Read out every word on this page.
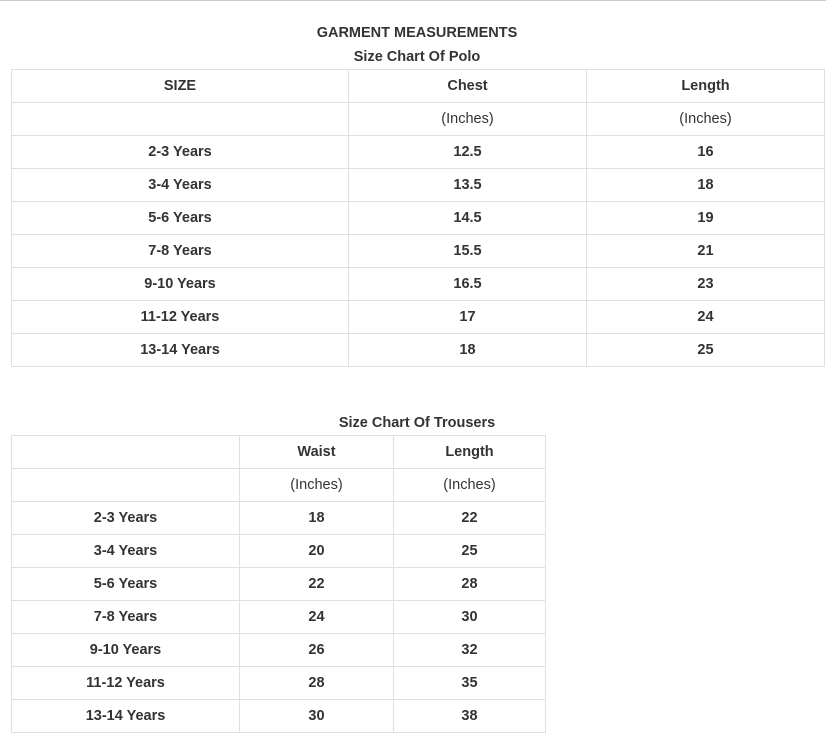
GARMENT MEASUREMENTS
Size Chart Of Polo
SIZE	Chest	Length
	(Inches)	(Inches)
2-3 Years	12.5	16
3-4 Years	13.5	18
5-6 Years	14.5	19
7-8 Years	15.5	21
9-10 Years	16.5	23
11-12 Years	17	24
13-14 Years	18	25
Size Chart Of Trousers
	Waist	Length
	(Inches)	(Inches)
2-3 Years	18	22
3-4 Years	20	25
5-6 Years	22	28
7-8 Years	24	30
9-10 Years	26	32
11-12 Years	28	35
13-14 Years	30	38
